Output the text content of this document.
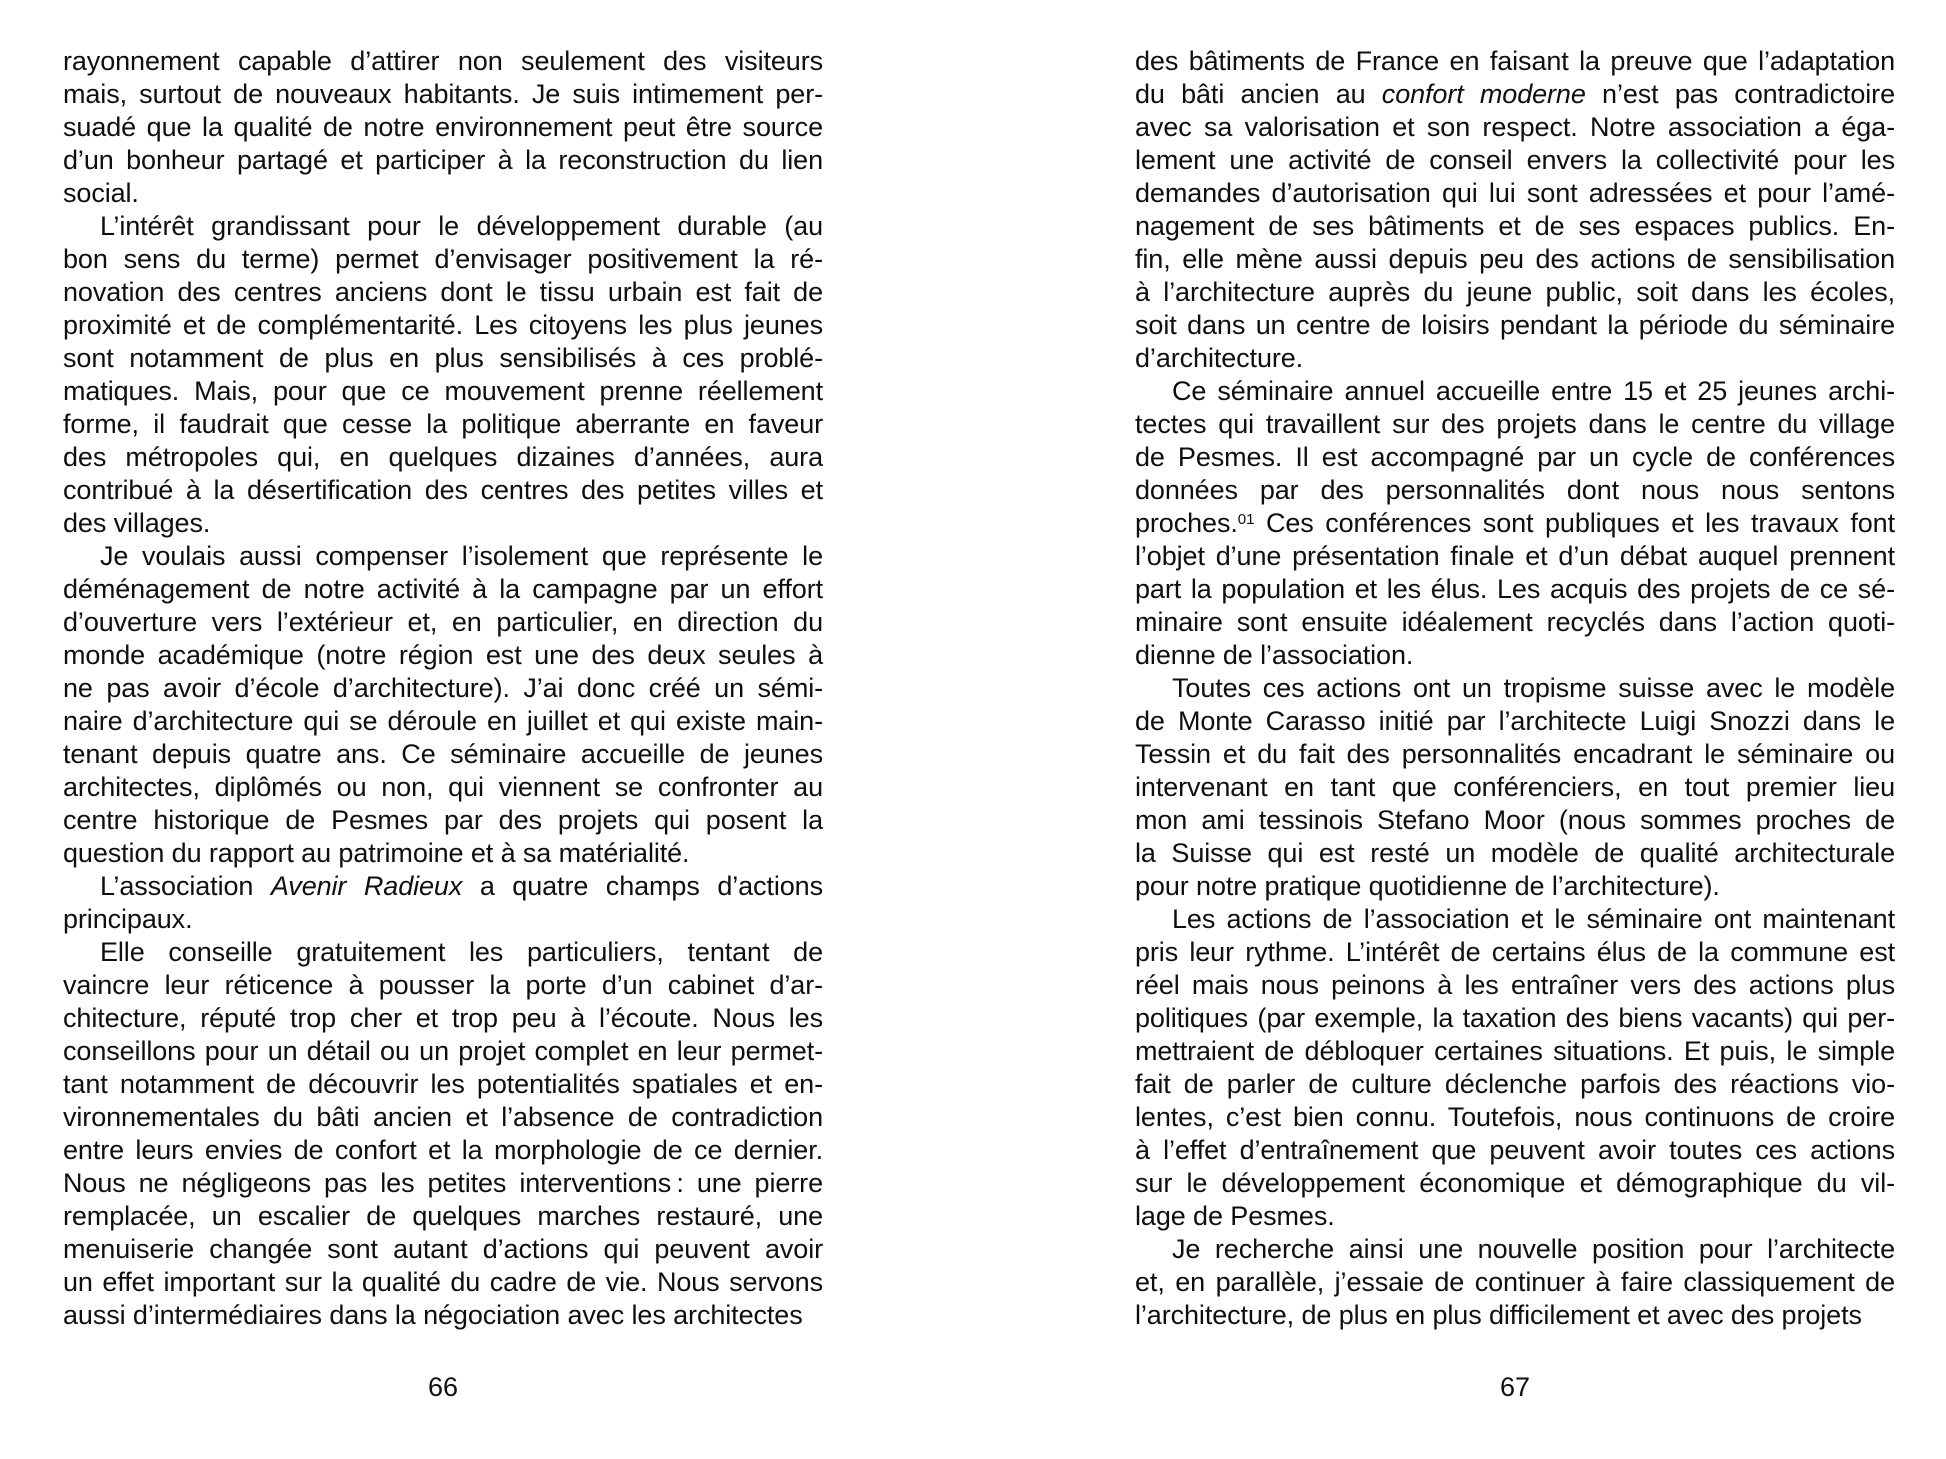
rayonnement capable d’attirer non seulement des visiteurs
mais, surtout de nouveaux habitants. Je suis intimement per-
suadé que la qualité de notre environnement peut être source
d’un bonheur partagé et participer à la reconstruction du lien
social.
L’intérêt grandissant pour le développement durable (au
bon sens du terme) permet d’envisager positivement la ré-
novation des centres anciens dont le tissu urbain est fait de
proximité et de complémentarité. Les citoyens les plus jeunes
sont notamment de plus en plus sensibilisés à ces problé-
matiques. Mais, pour que ce mouvement prenne réellement
forme, il faudrait que cesse la politique aberrante en faveur
des métropoles qui, en quelques dizaines d’années, aura
contribué à la désertification des centres des petites villes et
des villages.
Je voulais aussi compenser l’isolement que représente le
déménagement de notre activité à la campagne par un effort
d’ouverture vers l’extérieur et, en particulier, en direction du
monde académique (notre région est une des deux seules à
ne pas avoir d’école d’architecture). J’ai donc créé un sémi-
naire d’architecture qui se déroule en juillet et qui existe main-
tenant depuis quatre ans. Ce séminaire accueille de jeunes
architectes, diplômés ou non, qui viennent se confronter au
centre historique de Pesmes par des projets qui posent la
question du rapport au patrimoine et à sa matérialité.
L’association Avenir Radieux a quatre champs d’actions
principaux.
Elle conseille gratuitement les particuliers, tentant de
vaincre leur réticence à pousser la porte d’un cabinet d’ar-
chitecture, réputé trop cher et trop peu à l’écoute. Nous les
conseillons pour un détail ou un projet complet en leur permet-
tant notamment de découvrir les potentialités spatiales et en-
vironnementales du bâti ancien et l’absence de contradiction
entre leurs envies de confort et la morphologie de ce dernier.
Nous ne négligeons pas les petites interventions : une pierre
remplacée, un escalier de quelques marches restauré, une
menuiserie changée sont autant d’actions qui peuvent avoir
un effet important sur la qualité du cadre de vie. Nous servons
aussi d’intermédiaires dans la négociation avec les architectes
des bâtiments de France en faisant la preuve que l’adaptation
du bâti ancien au confort moderne n’est pas contradictoire
avec sa valorisation et son respect. Notre association a éga-
lement une activité de conseil envers la collectivité pour les
demandes d’autorisation qui lui sont adressées et pour l’amé-
nagement de ses bâtiments et de ses espaces publics. En-
fin, elle mène aussi depuis peu des actions de sensibilisation
à l’architecture auprès du jeune public, soit dans les écoles,
soit dans un centre de loisirs pendant la période du séminaire
d’architecture.
Ce séminaire annuel accueille entre 15 et 25 jeunes archi-
tectes qui travaillent sur des projets dans le centre du village
de Pesmes. Il est accompagné par un cycle de conférences
données par des personnalités dont nous nous sentons
proches.$^{01}$ Ces conférences sont publiques et les travaux font
l’objet d’une présentation finale et d’un débat auquel prennent
part la population et les élus. Les acquis des projets de ce sé-
minaire sont ensuite idéalement recyclés dans l’action quoti-
dienne de l’association.
Toutes ces actions ont un tropisme suisse avec le modèle
de Monte Carasso initié par l’architecte Luigi Snozzi dans le
Tessin et du fait des personnalités encadrant le séminaire ou
intervenant en tant que conférenciers, en tout premier lieu
mon ami tessinois Stefano Moor (nous sommes proches de
la Suisse qui est resté un modèle de qualité architecturale
pour notre pratique quotidienne de l’architecture).
Les actions de l’association et le séminaire ont maintenant
pris leur rythme. L’intérêt de certains élus de la commune est
réel mais nous peinons à les entraîner vers des actions plus
politiques (par exemple, la taxation des biens vacants) qui per-
mettraient de débloquer certaines situations. Et puis, le simple
fait de parler de culture déclenche parfois des réactions vio-
lentes, c’est bien connu. Toutefois, nous continuons de croire
à l’effet d’entraînement que peuvent avoir toutes ces actions
sur le développement économique et démographique du vil-
lage de Pesmes.
Je recherche ainsi une nouvelle position pour l’architecte
et, en parallèle, j’essaie de continuer à faire classiquement de
l’architecture, de plus en plus difficilement et avec des projets
66	67
